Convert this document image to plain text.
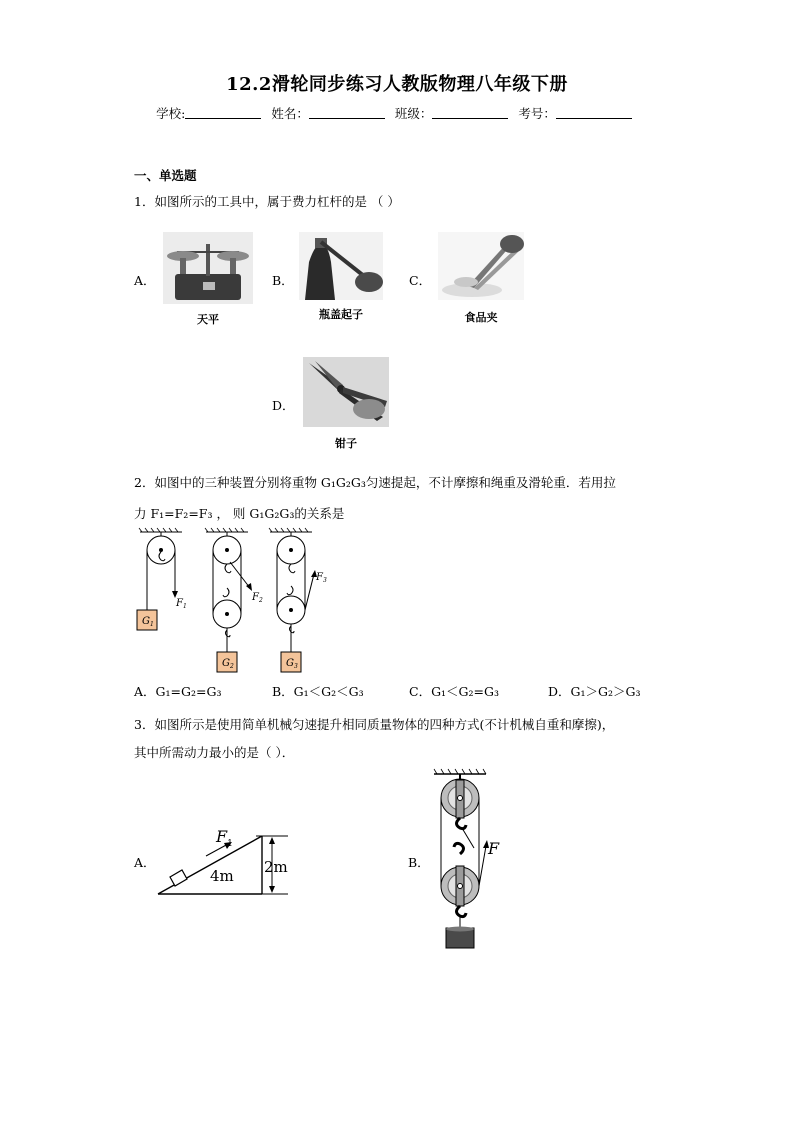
12.2滑轮同步练习人教版物理八年级下册
学校:	姓名：	班级：	考号：
一、单选题
1．如图所示的工具中，属于费力杠杆的是 （ ）
A．
天平
B．
瓶盖起子
C．
食品夹
D．
钳子
2．如图中的三种装置分别将重物 G₁G₂G₃匀速提起，不计摩擦和绳重及滑轮重．若用拉
力 F₁=F₂=F₃ ， 则 G₁G₂G₃的关系是
$F_1$
$F_2$
$F_3$
$G_1$
$G_2$	$G_3$
A．G₁=G₂=G₃	B．G₁＜G₂＜G₃	C．G₁＜G₂=G₃	D．G₁＞G₂＞G₃
3．如图所示是使用简单机械匀速提升相同质量物体的四种方式(不计机械自重和摩擦)，
其中所需动力最小的是（ ）．
A．
$F_1$
4m 2m	B．
F
